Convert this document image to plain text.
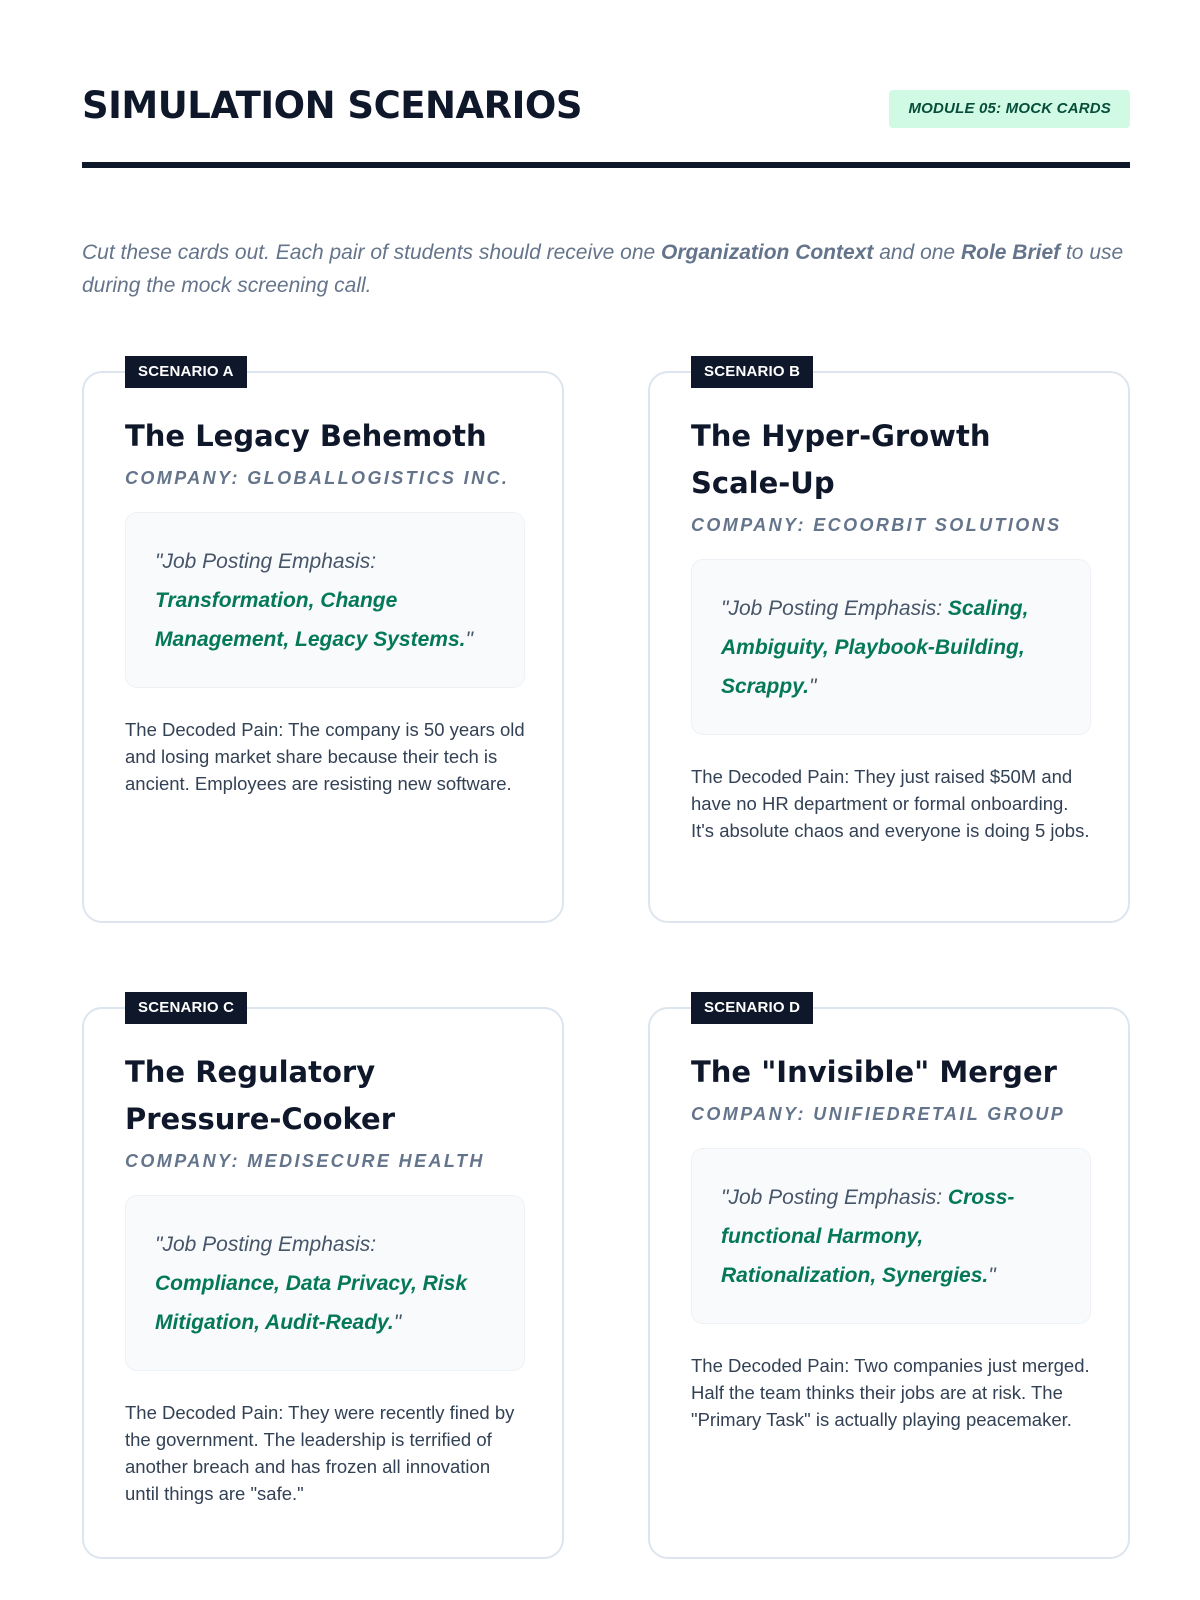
SIMULATION SCENARIOS	MODULE 05: MOCK CARDS

Cut these cards out. Each pair of students should receive one Organization Context and one Role Brief to use during the mock screening call.

SCENARIO A
The Legacy Behemoth

COMPANY: GLOBALLOGISTICS INC.

"Job Posting Emphasis: Transformation, Change Management, Legacy Systems."

The Decoded Pain: The company is 50 years old and losing market share because their tech is ancient. Employees are resisting new software.

SCENARIO B
The Hyper-Growth Scale-Up

COMPANY: ECOORBIT SOLUTIONS

"Job Posting Emphasis: Scaling, Ambiguity, Playbook-Building, Scrappy."

The Decoded Pain: They just raised $50M and have no HR department or formal onboarding. It's absolute chaos and everyone is doing 5 jobs.

SCENARIO C
The Regulatory Pressure-Cooker

COMPANY: MEDISECURE HEALTH

"Job Posting Emphasis: Compliance, Data Privacy, Risk Mitigation, Audit-Ready."

The Decoded Pain: They were recently fined by the government. The leadership is terrified of another breach and has frozen all innovation until things are "safe."

SCENARIO D
The "Invisible" Merger

COMPANY: UNIFIEDRETAIL GROUP

"Job Posting Emphasis: Cross-functional Harmony, Rationalization, Synergies."

The Decoded Pain: Two companies just merged. Half the team thinks their jobs are at risk. The "Primary Task" is actually playing peacemaker.
